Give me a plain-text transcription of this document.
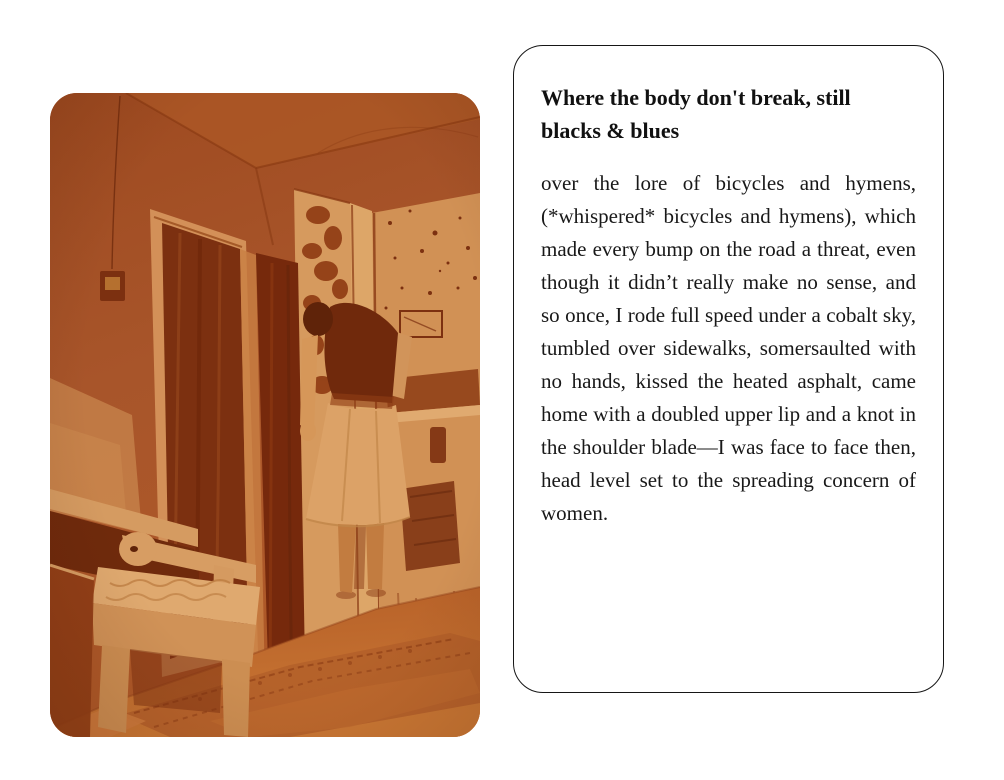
Where the body don't break, still blacks & blues

over the lore of bicycles and hymens, (*whispered* bicycles and hymens), which made every bump on the road a threat, even though it didn’t really make no sense, and so once, I rode full speed under a cobalt sky, tumbled over sidewalks, somersaulted with no hands, kissed the heated asphalt, came home with a doubled upper lip and a knot in the shoulder blade—I was face to face then, head level set to the spreading concern of women.
